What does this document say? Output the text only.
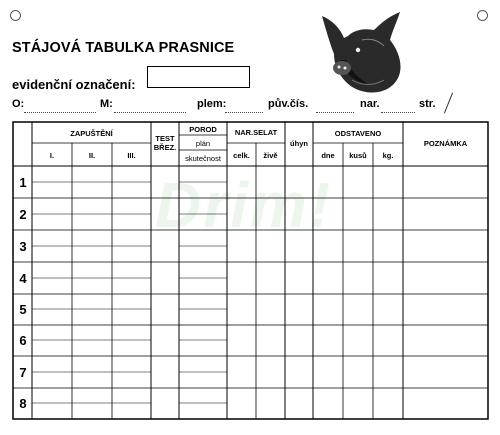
STÁJOVÁ TABULKA PRASNICE
evidenční označení:
O:	M:	plem:	pův.čís.	nar.	str.
Drim!
ZAPUŠTĚNÍ
I.	II.	III.
TEST
BŘEZ.
POROD
plán
skutečnost
NAR.SELAT
celk.	živě
úhyn
ODSTAVENO
dne	kusů	kg.
POZNÁMKA
1
2
3
4
5
6
7
8
